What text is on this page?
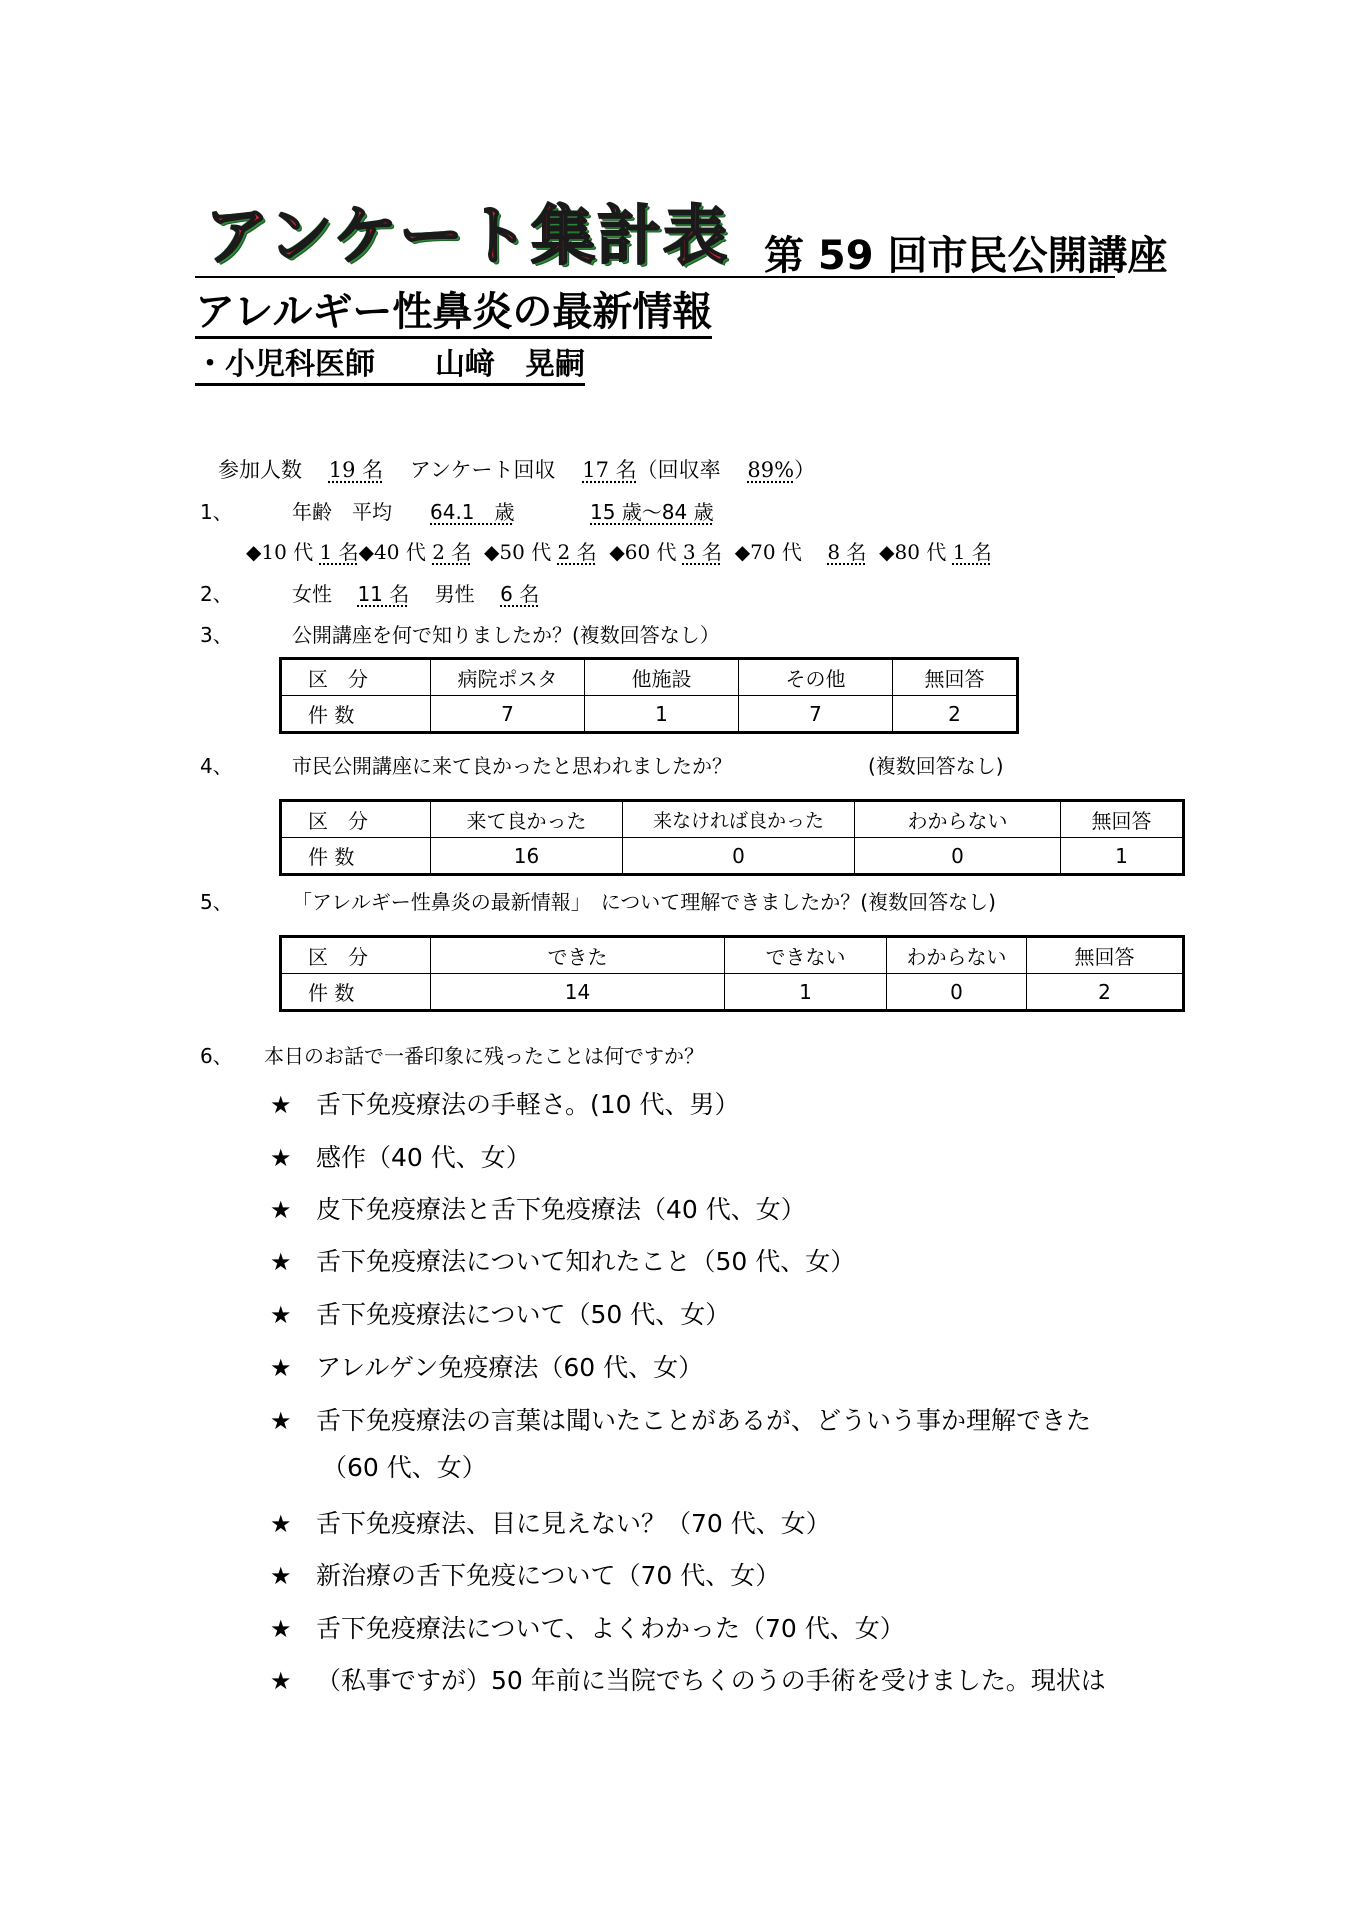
アンケート集計表 第 59 回市民公開講座
アレルギー性鼻炎の最新情報
・小児科医師　　山﨑　晃嗣
参加人数 19 名 アンケート回収 17 名（回収率 89%）
1、	年齢　平均 64.1　歳	15 歳～84 歳
◆10 代 1 名◆40 代 2 名 ◆50 代 2 名 ◆60 代 3 名 ◆70 代 8 名 ◆80 代 1 名
2、	女性 11 名 男性 6 名
3、	公開講座を何で知りましたか？(複数回答なし）
区　分	病院ポスタ	他施設	その他	無回答
件 数	7	1	7	2
4、	市民公開講座に来て良かったと思われましたか？	(複数回答なし)
区　分	来て良かった	来なければ良かった	わからない	無回答
件 数	16	0	0	1
5、	「アレルギー性鼻炎の最新情報」　について理解できましたか？(複数回答なし)
区　分	できた	できない	わからない	無回答
件 数	14	1	0	2
6、 本日のお話で一番印象に残ったことは何ですか？
★ 舌下免疫療法の手軽さ。(10 代、男）
★ 感作（40 代、女）
★ 皮下免疫療法と舌下免疫療法（40 代、女）
★ 舌下免疫療法について知れたこと（50 代、女）
★ 舌下免疫療法について（50 代、女）
★ アレルゲン免疫療法（60 代、女）
★ 舌下免疫療法の言葉は聞いたことがあるが、どういう事か理解できた
（60 代、女）
★ 舌下免疫療法、目に見えない？（70 代、女）
★ 新治療の舌下免疫について（70 代、女）
★ 舌下免疫療法について、よくわかった（70 代、女）
★ （私事ですが）50 年前に当院でちくのうの手術を受けました。現状は
